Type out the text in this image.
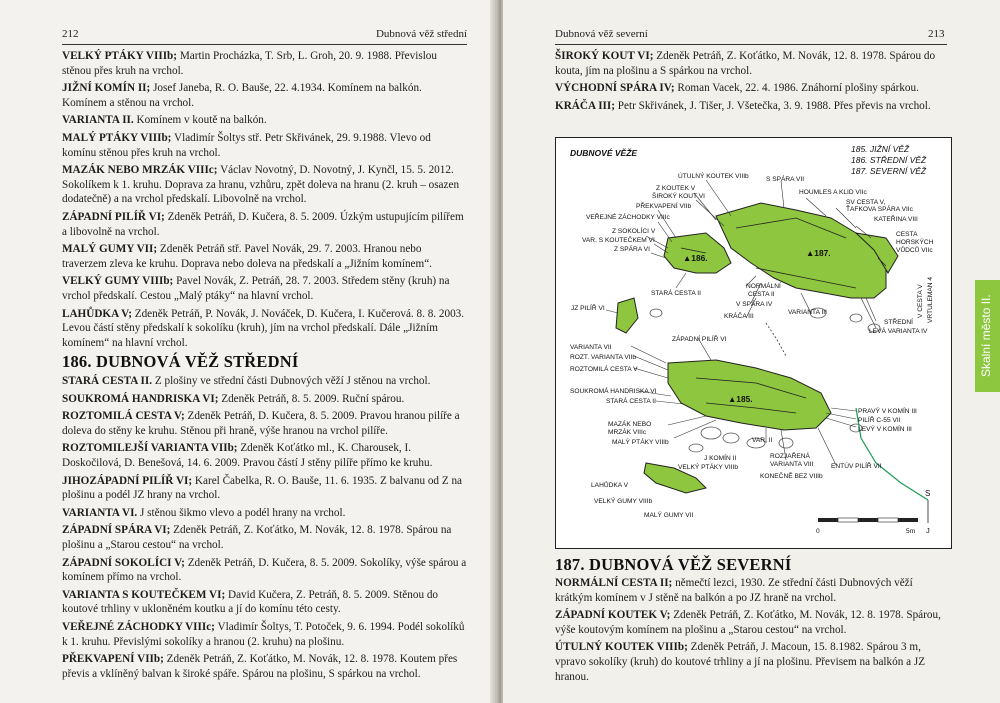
212	Dubnová věž střední
VELKÝ PTÁKY VIIIb; Martin Procházka, T. Srb, L. Groh, 20. 9. 1988. Převislou stěnou přes kruh na vrchol.
JIŽNÍ KOMÍN II; Josef Janeba, R. O. Bauše, 22. 4.1934. Komínem na balkón. Komínem a stěnou na vrchol.
VARIANTA II. Komínem v koutě na balkón.
MALÝ PTÁKY VIIIb; Vladimír Šoltys stř. Petr Skřivánek, 29. 9.1988. Vlevo od komínu stěnou přes kruh na vrchol.
MAZÁK NEBO MRZÁK VIIIc; Václav Novotný, D. Novotný, J. Kynčl, 15. 5. 2012. Sokolíkem k 1. kruhu. Doprava za hranu, vzhůru, zpět doleva na hranu (2. kruh – osazen dodatečně) a na vrchol předskalí. Libovolně na vrchol.
ZÁPADNÍ PILÍŘ VI; Zdeněk Petráň, D. Kučera, 8. 5. 2009. Úzkým ustupujícím pilířem a libovolně na vrchol.
MALÝ GUMY VII; Zdeněk Petráň stř. Pavel Novák, 29. 7. 2003. Hranou nebo traverzem zleva ke kruhu. Doprava nebo doleva na předskalí a „Jižním komínem“.
VELKÝ GUMY VIIIb; Pavel Novák, Z. Petráň, 28. 7. 2003. Středem stěny (kruh) na vrchol předskalí. Cestou „Malý ptáky“ na hlavní vrchol.
LAHŮDKA V; Zdeněk Petráň, P. Novák, J. Nováček, D. Kučera, I. Kučerová. 8. 8. 2003. Levou částí stěny předskalí k sokolíku (kruh), jím na vrchol předskalí. Dále „Jižním komínem“ na hlavní vrchol.
186. DUBNOVÁ VĚŽ STŘEDNÍ
STARÁ CESTA II. Z plošiny ve střední části Dubnových věží J stěnou na vrchol.
SOUKROMÁ HANDRISKA VI; Zdeněk Petráň, 8. 5. 2009. Ruční spárou.
ROZTOMILÁ CESTA V; Zdeněk Petráň, D. Kučera, 8. 5. 2009. Pravou hranou pilíře a doleva do stěny ke kruhu. Stěnou při hraně, výše hranou na vrchol pilíře.
ROZTOMILEJŠÍ VARIANTA VIIb; Zdeněk Koťátko ml., K. Charousek, I. Doskočilová, D. Benešová, 14. 6. 2009. Pravou částí J stěny pilíře přímo ke kruhu.
JIHOZÁPADNÍ PILÍŘ VI; Karel Čabelka, R. O. Bauše, 11. 6. 1935. Z balvanu od Z na plošinu a podél JZ hrany na vrchol.
VARIANTA VI. J stěnou šikmo vlevo a podél hrany na vrchol.
ZÁPADNÍ SPÁRA VI; Zdeněk Petráň, Z. Koťátko, M. Novák, 12. 8. 1978. Spárou na plošinu a „Starou cestou“ na vrchol.
ZÁPADNÍ SOKOLÍCI V; Zdeněk Petráň, D. Kučera, 8. 5. 2009. Sokolíky, výše spárou a komínem přímo na vrchol.
VARIANTA S KOUTEČKEM VI; David Kučera, Z. Petráň, 8. 5. 2009. Stěnou do koutové trhliny v ukloněném koutku a jí do komínu této cesty.
VEŘEJNÉ ZÁCHODKY VIIIc; Vladimír Šoltys, T. Potoček, 9. 6. 1994. Podél sokolíků k 1. kruhu. Převislými sokolíky a hranou (2. kruhu) na plošinu.
PŘEKVAPENÍ VIIb; Zdeněk Petráň, Z. Koťátko, M. Novák, 12. 8. 1978. Koutem přes převis a vklíněný balvan k široké spáře. Spárou na plošinu, S spárkou na vrchol.
Dubnová věž severní	213
ŠIROKÝ KOUT VI; Zdeněk Petráň, Z. Koťátko, M. Novák, 12. 8. 1978. Spárou do kouta, jím na plošinu a S spárkou na vrchol.
VÝCHODNÍ SPÁRA IV; Roman Vacek, 22. 4. 1986. Znáhorní plošiny spárkou.
KRÁČA III; Petr Skřivánek, J. Tišer, J. Všetečka, 3. 9. 1988. Přes převis na vrchol.
187. DUBNOVÁ VĚŽ SEVERNÍ
NORMÁLNÍ CESTA II; němečtí lezci, 1930. Ze střední části Dubnových věží krátkým komínem v J stěně na balkón a po JZ hraně na vrchol.
ZÁPADNÍ KOUTEK V; Zdeněk Petráň, Z. Koťátko, M. Novák, 12. 8. 1978. Spárou, výše koutovým komínem na plošinu a „Starou cestou“ na vrchol.
ÚTULNÝ KOUTEK VIIIb; Zdeněk Petráň, J. Macoun, 15. 8.1982. Spárou 3 m, vpravo sokolíky (kruh) do koutové trhliny a jí na plošinu. Převisem na balkón a JZ hranou.
DUBNOVÉ VĚŽE	185. JIŽNÍ VĚŽ
186. STŘEDNÍ VĚŽ
187. SEVERNÍ VĚŽ
▲186.	▲187.
▲185.
ÚTULNÝ KOUTEK VIIIb	S SPÁRA VII
Z KOUTEK V
ŠIROKÝ KOUT VI
PŘEKVAPENÍ VIIb
VEŘEJNÉ ZÁCHODKY VIIIc
Z SOKOLÍCI V
VAR. S KOUTEČKEM VI
Z SPÁRA VI
HOUMLES A KLID VIIc
SV CESTA V,
ŤAFKOVA SPÁRA VIIc
KATEŘINA VIII
CESTA
HORSKÝCH
VŮDCŮ VIIc
JZ PILÍŘ VI
STARÁ CESTA II
NORMÁLNÍ
CESTA II
V SPÁRA IV
KRÁČA III
VARIANTA III
STŘEDNÍ
LEVÁ VARIANTA IV
V CESTA V VRTULEMAN 4
ZÁPADNÍ PILÍŘ VI
VARIANTA VII
ROZT. VARIANTA VIIb
ROZTOMILÁ CESTA V
SOUKROMÁ HANDRISKA VI
STARÁ CESTA II
MAZÁK NEBO
MRZÁK VIIIc
MALÝ PTÁKY VIIIb	VAR. II
J KOMÍN II
VELKÝ PTÁKY VIIIb
ROZJAŘENÁ
VARIANTA VIII
KONEČNĚ BEZ VIIIb
ENTÚV PILÍŘ VII
PRAVÝ V KOMÍN III
PILÍŘ C-55 VII
LEVÝ V KOMÍN III
LAHŮDKA V
VELKÝ GUMY VIIIb
MALÝ GUMY VII
S
0	5m J
Skalní město II.
